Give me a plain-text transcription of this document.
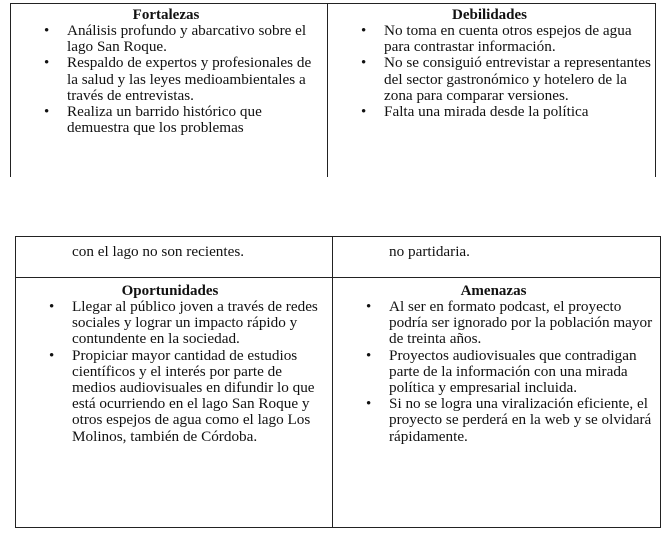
Fortalezas

• Análisis profundo y abarcativo sobre el lago San Roque.
• Respaldo de expertos y profesionales de la salud y las leyes medioambientales a través de entrevistas.
• Realiza un barrido histórico que demuestra que los problemas

Debilidades

• No toma en cuenta otros espejos de agua para contrastar información.
• No se consiguió entrevistar a representantes del sector gastronómico y hotelero de la zona para comparar versiones.
• Falta una mirada desde la política
con el lago no son recientes.	no partidaria.

Oportunidades

• Llegar al público joven a través de redes sociales y lograr un impacto rápido y contundente en la sociedad.
• Propiciar mayor cantidad de estudios científicos y el interés por parte de medios audiovisuales en difundir lo que está ocurriendo en el lago San Roque y otros espejos de agua como el lago Los Molinos, también de Córdoba.

Amenazas

• Al ser en formato podcast, el proyecto podría ser ignorado por la población mayor de treinta años.
• Proyectos audiovisuales que contradigan parte de la información con una mirada política y empresarial incluida.
• Si no se logra una viralización eficiente, el proyecto se perderá en la web y se olvidará rápidamente.
